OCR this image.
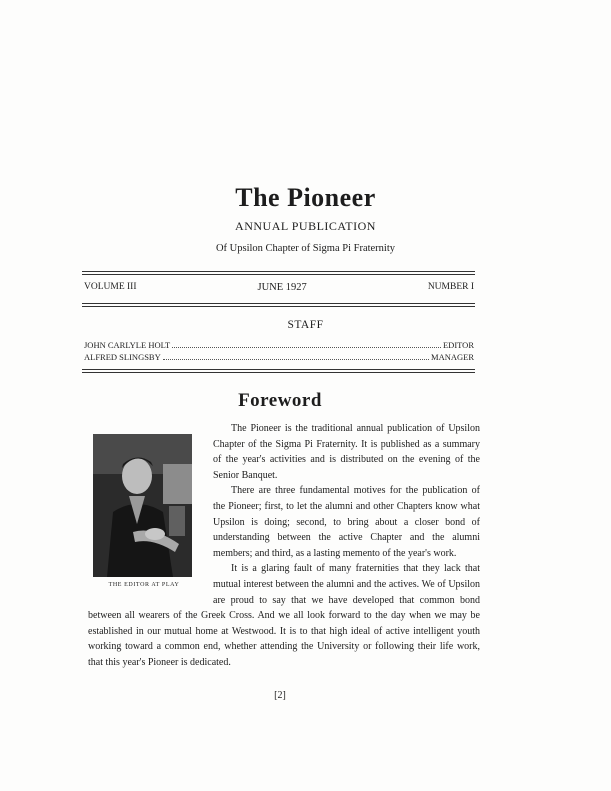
The Pioneer
ANNUAL PUBLICATION
Of Upsilon Chapter of Sigma Pi Fraternity
VOLUME III	JUNE 1927	NUMBER I
STAFF
JOHN CARLYLE HOLT	EDITOR
ALFRED SLINGSBY	MANAGER
Foreword
THE EDITOR AT PLAY

The Pioneer is the traditional annual publication of Upsilon Chapter of the Sigma Pi Fraternity. It is published as a summary of the year's activities and is distributed on the evening of the Senior Banquet.

There are three fundamental motives for the publication of the Pioneer; first, to let the alumni and other Chapters know what Upsilon is doing; second, to bring about a closer bond of understanding between the active Chapter and the alumni members; and third, as a lasting memento of the year's work.

It is a glaring fault of many fraternities that they lack that mutual interest between the alumni and the actives. We of Upsilon are proud to say that we have developed that common bond between all wearers of the Greek Cross. And we all look forward to the day when we may be established in our mutual home at Westwood. It is to that high ideal of active intelligent youth working toward a common end, whether attending the University or following their life work, that this year's Pioneer is dedicated.

[2]
